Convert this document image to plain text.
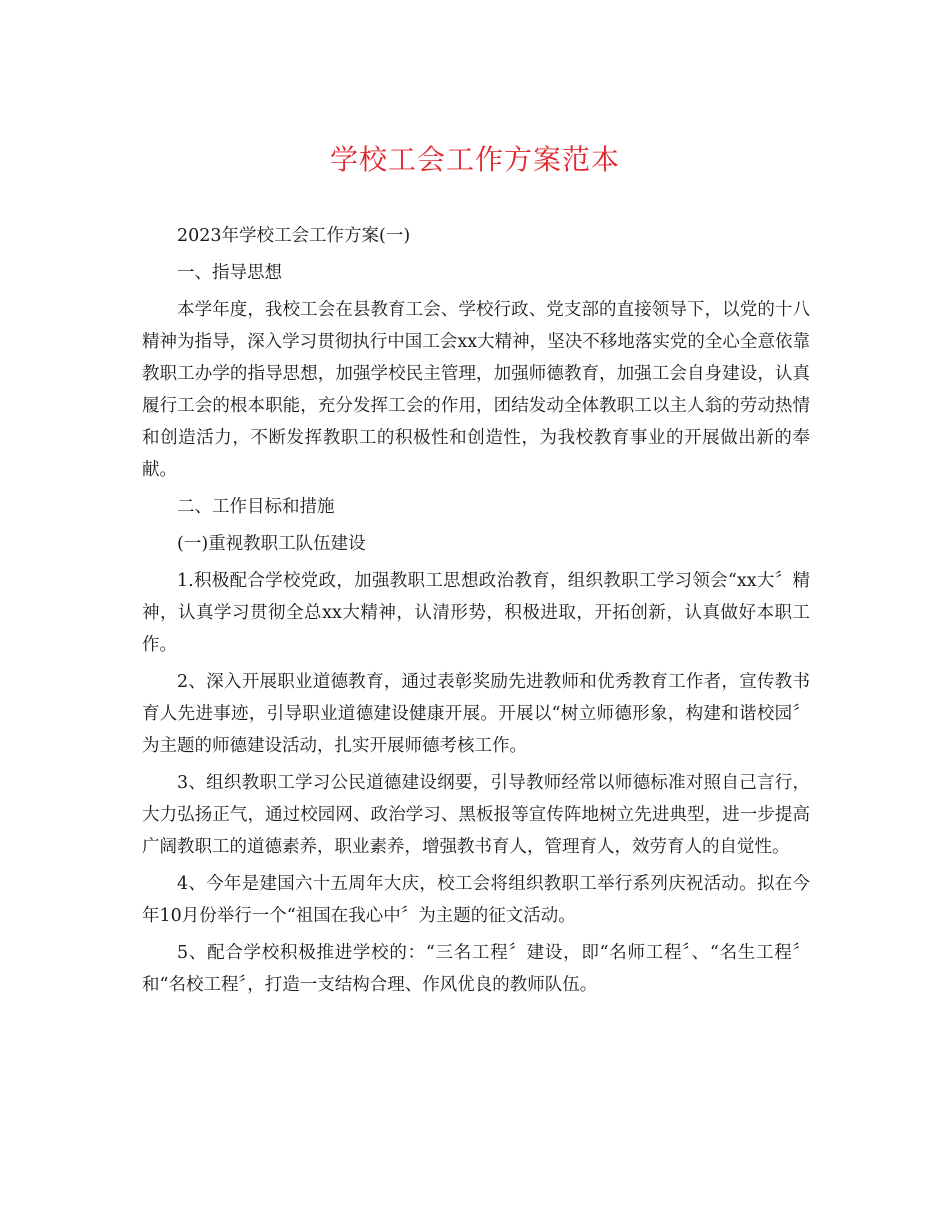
学校工会工作方案范本

2023年学校工会工作方案(一)

一、指导思想

本学年度，我校工会在县教育工会、学校行政、党支部的直接领导下，以党的十八精神为指导，深入学习贯彻执行中国工会xx大精神，坚决不移地落实党的全心全意依靠教职工办学的指导思想，加强学校民主管理，加强师德教育，加强工会自身建设，认真履行工会的根本职能，充分发挥工会的作用，团结发动全体教职工以主人翁的劳动热情和创造活力，不断发挥教职工的积极性和创造性，为我校教育事业的开展做出新的奉献。

二、工作目标和措施

(一)重视教职工队伍建设

1.积极配合学校党政，加强教职工思想政治教育，组织教职工学习领会“xx大〞精神，认真学习贯彻全总xx大精神，认清形势，积极进取，开拓创新，认真做好本职工作。

2、深入开展职业道德教育，通过表彰奖励先进教师和优秀教育工作者，宣传教书育人先进事迹，引导职业道德建设健康开展。开展以“树立师德形象，构建和谐校园〞为主题的师德建设活动，扎实开展师德考核工作。

3、组织教职工学习公民道德建设纲要，引导教师经常以师德标准对照自己言行，大力弘扬正气，通过校园网、政治学习、黑板报等宣传阵地树立先进典型，进一步提高广阔教职工的道德素养，职业素养，增强教书育人，管理育人，效劳育人的自觉性。

4、今年是建国六十五周年大庆，校工会将组织教职工举行系列庆祝活动。拟在今年10月份举行一个“祖国在我心中〞为主题的征文活动。

5、配合学校积极推进学校的：“三名工程〞建设，即“名师工程〞、“名生工程〞和“名校工程〞，打造一支结构合理、作风优良的教师队伍。
